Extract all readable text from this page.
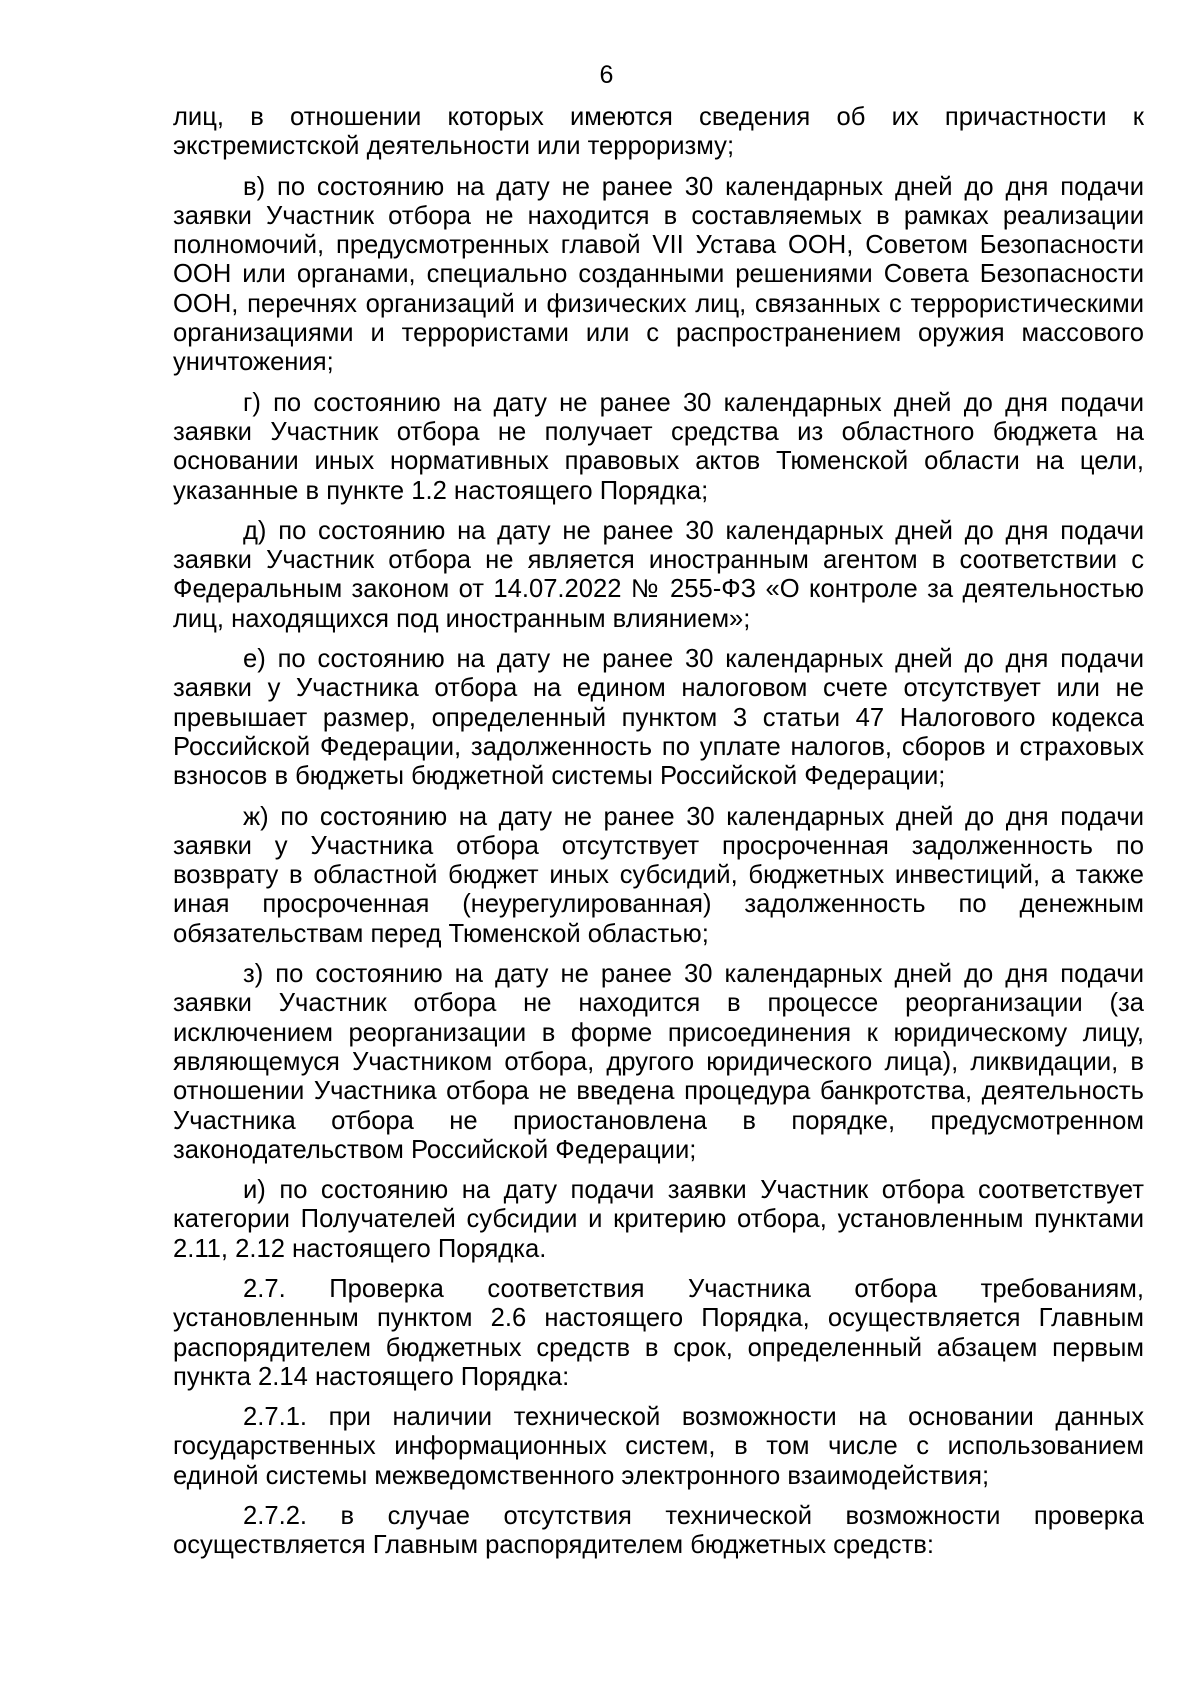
6

лиц, в отношении которых имеются сведения об их причастности к экстремистской деятельности или терроризму;

в) по состоянию на дату не ранее 30 календарных дней до дня подачи заявки Участник отбора не находится в составляемых в рамках реализации полномочий, предусмотренных главой VII Устава ООН, Советом Безопасности ООН или органами, специально созданными решениями Совета Безопасности ООН, перечнях организаций и физических лиц, связанных с террористическими организациями и террористами или с распространением оружия массового уничтожения;

г) по состоянию на дату не ранее 30 календарных дней до дня подачи заявки Участник отбора не получает средства из областного бюджета на основании иных нормативных правовых актов Тюменской области на цели, указанные в пункте 1.2 настоящего Порядка;

д) по состоянию на дату не ранее 30 календарных дней до дня подачи заявки Участник отбора не является иностранным агентом в соответствии с Федеральным законом от 14.07.2022 № 255-ФЗ «О контроле за деятельностью лиц, находящихся под иностранным влиянием»;

е) по состоянию на дату не ранее 30 календарных дней до дня подачи заявки у Участника отбора на едином налоговом счете отсутствует или не превышает размер, определенный пунктом 3 статьи 47 Налогового кодекса Российской Федерации, задолженность по уплате налогов, сборов и страховых взносов в бюджеты бюджетной системы Российской Федерации;

ж) по состоянию на дату не ранее 30 календарных дней до дня подачи заявки у Участника отбора отсутствует просроченная задолженность по возврату в областной бюджет иных субсидий, бюджетных инвестиций, а также иная просроченная (неурегулированная) задолженность по денежным обязательствам перед Тюменской областью;

з) по состоянию на дату не ранее 30 календарных дней до дня подачи заявки Участник отбора не находится в процессе реорганизации (за исключением реорганизации в форме присоединения к юридическому лицу, являющемуся Участником отбора, другого юридического лица), ликвидации, в отношении Участника отбора не введена процедура банкротства, деятельность Участника отбора не приостановлена в порядке, предусмотренном законодательством Российской Федерации;

и) по состоянию на дату подачи заявки Участник отбора соответствует категории Получателей субсидии и критерию отбора, установленным пунктами 2.11, 2.12 настоящего Порядка.

2.7. Проверка соответствия Участника отбора требованиям, установленным пунктом 2.6 настоящего Порядка, осуществляется Главным распорядителем бюджетных средств в срок, определенный абзацем первым пункта 2.14 настоящего Порядка:

2.7.1. при наличии технической возможности на основании данных государственных информационных систем, в том числе с использованием единой системы межведомственного электронного взаимодействия;

2.7.2. в случае отсутствия технической возможности проверка осуществляется Главным распорядителем бюджетных средств:
